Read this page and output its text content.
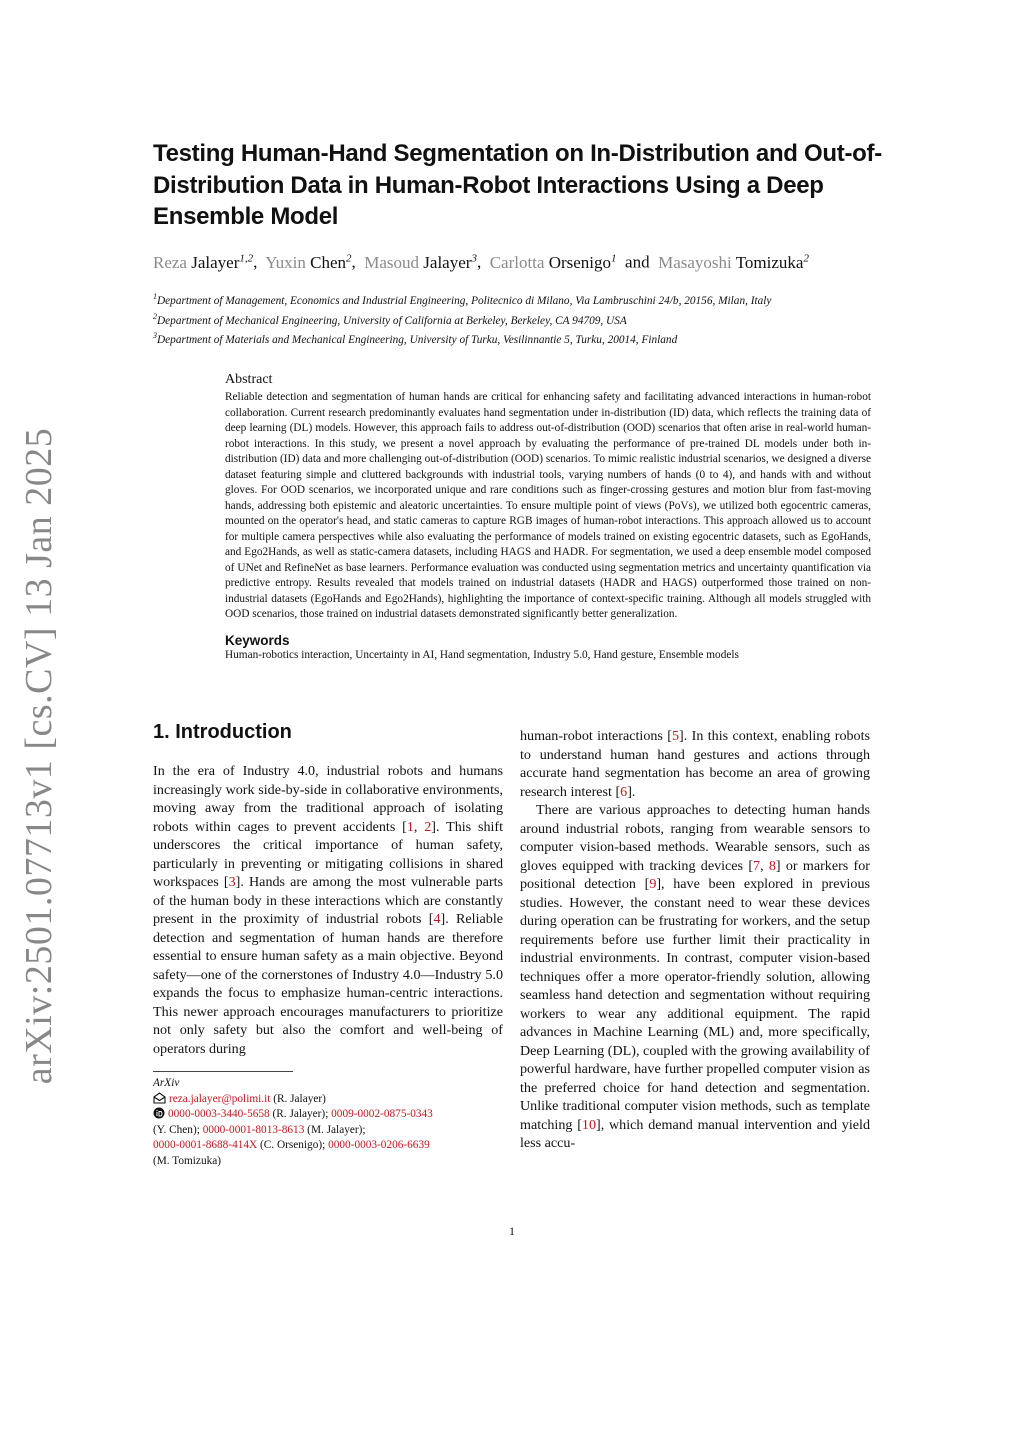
arXiv:2501.07713v1 [cs.CV] 13 Jan 2025
Testing Human-Hand Segmentation on In-Distribution and Out-of-Distribution Data in Human-Robot Interactions Using a Deep Ensemble Model
Reza Jalayer$^{1,2}$, Yuxin Chen$^2$, Masoud Jalayer$^3$, Carlotta Orsenigo$^1$ and Masayoshi Tomizuka$^2$
$^1$Department of Management, Economics and Industrial Engineering, Politecnico di Milano, Via Lambruschini 24/b, 20156, Milan, Italy
$^2$Department of Mechanical Engineering, University of California at Berkeley, Berkeley, CA 94709, USA
$^3$Department of Materials and Mechanical Engineering, University of Turku, Vesilinnantie 5, Turku, 20014, Finland
Abstract

Reliable detection and segmentation of human hands are critical for enhancing safety and facilitating advanced interactions in human-robot collaboration. Current research predominantly evaluates hand segmentation under in-distribution (ID) data, which reflects the training data of deep learning (DL) models. However, this approach fails to address out-of-distribution (OOD) scenarios that often arise in real-world human-robot interactions. In this study, we present a novel approach by evaluating the performance of pre-trained DL models under both in-distribution (ID) data and more challenging out-of-distribution (OOD) scenarios. To mimic realistic industrial scenarios, we designed a diverse dataset featuring simple and cluttered backgrounds with industrial tools, varying numbers of hands (0 to 4), and hands with and without gloves. For OOD scenarios, we incorporated unique and rare conditions such as finger-crossing gestures and motion blur from fast-moving hands, addressing both epistemic and aleatoric uncertainties. To ensure multiple point of views (PoVs), we utilized both egocentric cameras, mounted on the operator's head, and static cameras to capture RGB images of human-robot interactions. This approach allowed us to account for multiple camera perspectives while also evaluating the performance of models trained on existing egocentric datasets, such as EgoHands, and Ego2Hands, as well as static-camera datasets, including HAGS and HADR. For segmentation, we used a deep ensemble model composed of UNet and RefineNet as base learners. Performance evaluation was conducted using segmentation metrics and uncertainty quantification via predictive entropy. Results revealed that models trained on industrial datasets (HADR and HAGS) outperformed those trained on non-industrial datasets (EgoHands and Ego2Hands), highlighting the importance of context-specific training. Although all models struggled with OOD scenarios, those trained on industrial datasets demonstrated significantly better generalization.

Keywords
Human-robotics interaction, Uncertainty in AI, Hand segmentation, Industry 5.0, Hand gesture, Ensemble models
1. Introduction

In the era of Industry 4.0, industrial robots and humans increasingly work side-by-side in collaborative environments, moving away from the traditional approach of isolating robots within cages to prevent accidents [1, 2]. This shift underscores the critical importance of human safety, particularly in preventing or mitigating collisions in shared workspaces [3]. Hands are among the most vulnerable parts of the human body in these interactions which are constantly present in the proximity of industrial robots [4]. Reliable detection and segmentation of human hands are therefore essential to ensure human safety as a main objective. Beyond safety—one of the cornerstones of Industry 4.0—Industry 5.0 expands the focus to emphasize human-centric interactions. This newer approach encourages manufacturers to prioritize not only safety but also the comfort and well-being of operators during

human-robot interactions [5]. In this context, enabling robots to understand human hand gestures and actions through accurate hand segmentation has become an area of growing research interest [6].

There are various approaches to detecting human hands around industrial robots, ranging from wearable sensors to computer vision-based methods. Wearable sensors, such as gloves equipped with tracking devices [7, 8] or markers for positional detection [9], have been explored in previous studies. However, the constant need to wear these devices during operation can be frustrating for workers, and the setup requirements before use further limit their practicality in industrial environments. In contrast, computer vision-based techniques offer a more operator-friendly solution, allowing seamless hand detection and segmentation without requiring workers to wear any additional equipment. The rapid advances in Machine Learning (ML) and, more specifically, Deep Learning (DL), coupled with the growing availability of powerful hardware, have further propelled computer vision as the preferred choice for hand detection and segmentation. Unlike traditional computer vision methods, such as template matching [10], which demand manual intervention and yield less accu-

ArXiv
reza.jalayer@polimi.it (R. Jalayer)
0000-0003-3440-5658 (R. Jalayer); 0009-0002-0875-0343
(Y. Chen); 0000-0001-8013-8613 (M. Jalayer);
0000-0001-8688-414X (C. Orsenigo); 0000-0003-0206-6639
(M. Tomizuka)
1
